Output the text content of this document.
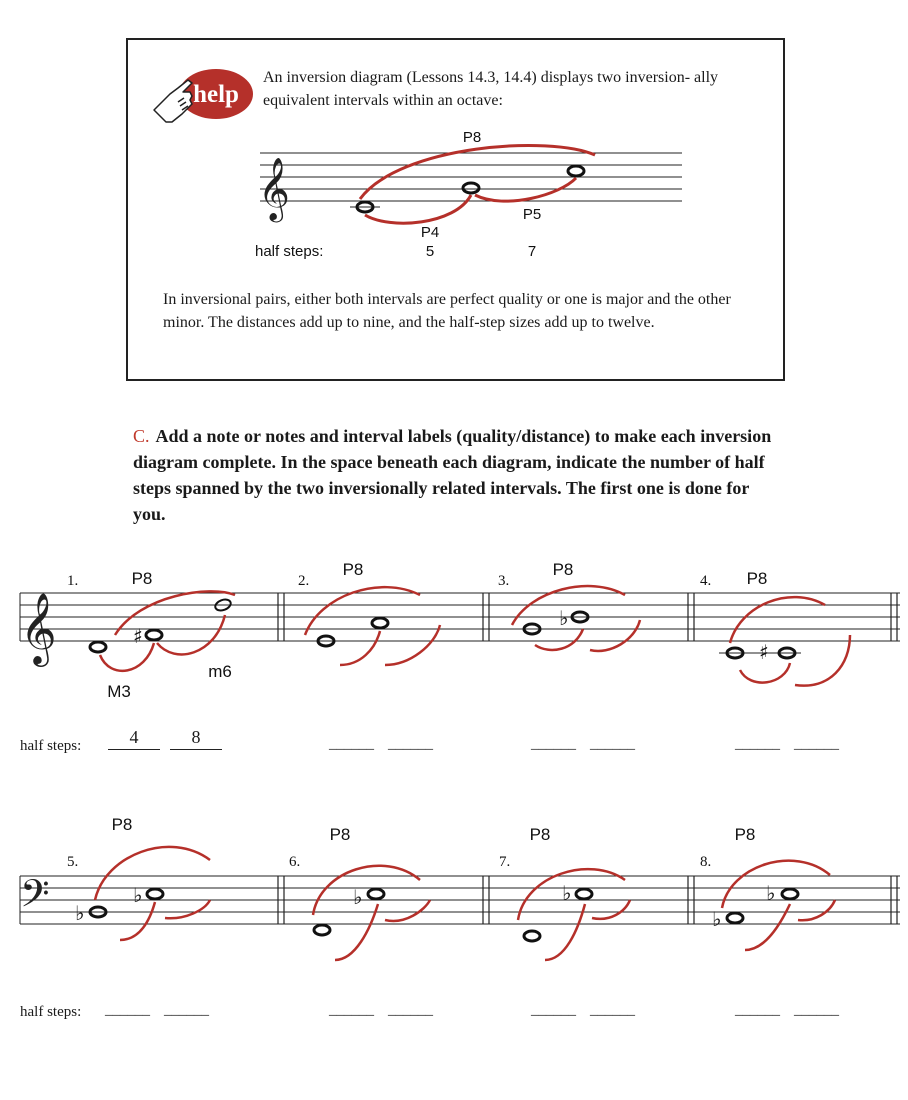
help
An inversion diagram (Lessons 14.3, 14.4) displays two inversion- ally equivalent intervals within an octave:
𝄞
P8
P4
P5
half steps:	5	7
In inversional pairs, either both intervals are perfect quality or one is major and the other minor. The distances add up to nine, and the half-step sizes add up to twelve.
C. Add a note or notes and interval labels (quality/distance) to make each inversion diagram complete. In the space beneath each diagram, indicate the number of half steps spanned by the two inversionally related intervals. The first one is done for you.
𝄞
1.	2.	3.	4.
P8	P8	P8	P8
♯
M3
m6
♭
♯
half steps:	4	8	______ ______	______ ______	______ ______
𝄢
5.	6.	7.	8.
P8
P8	P8	P8
♭
♭	♭	♭
♭
♭
half steps: ______ ______	______ ______	______ ______	______ ______
